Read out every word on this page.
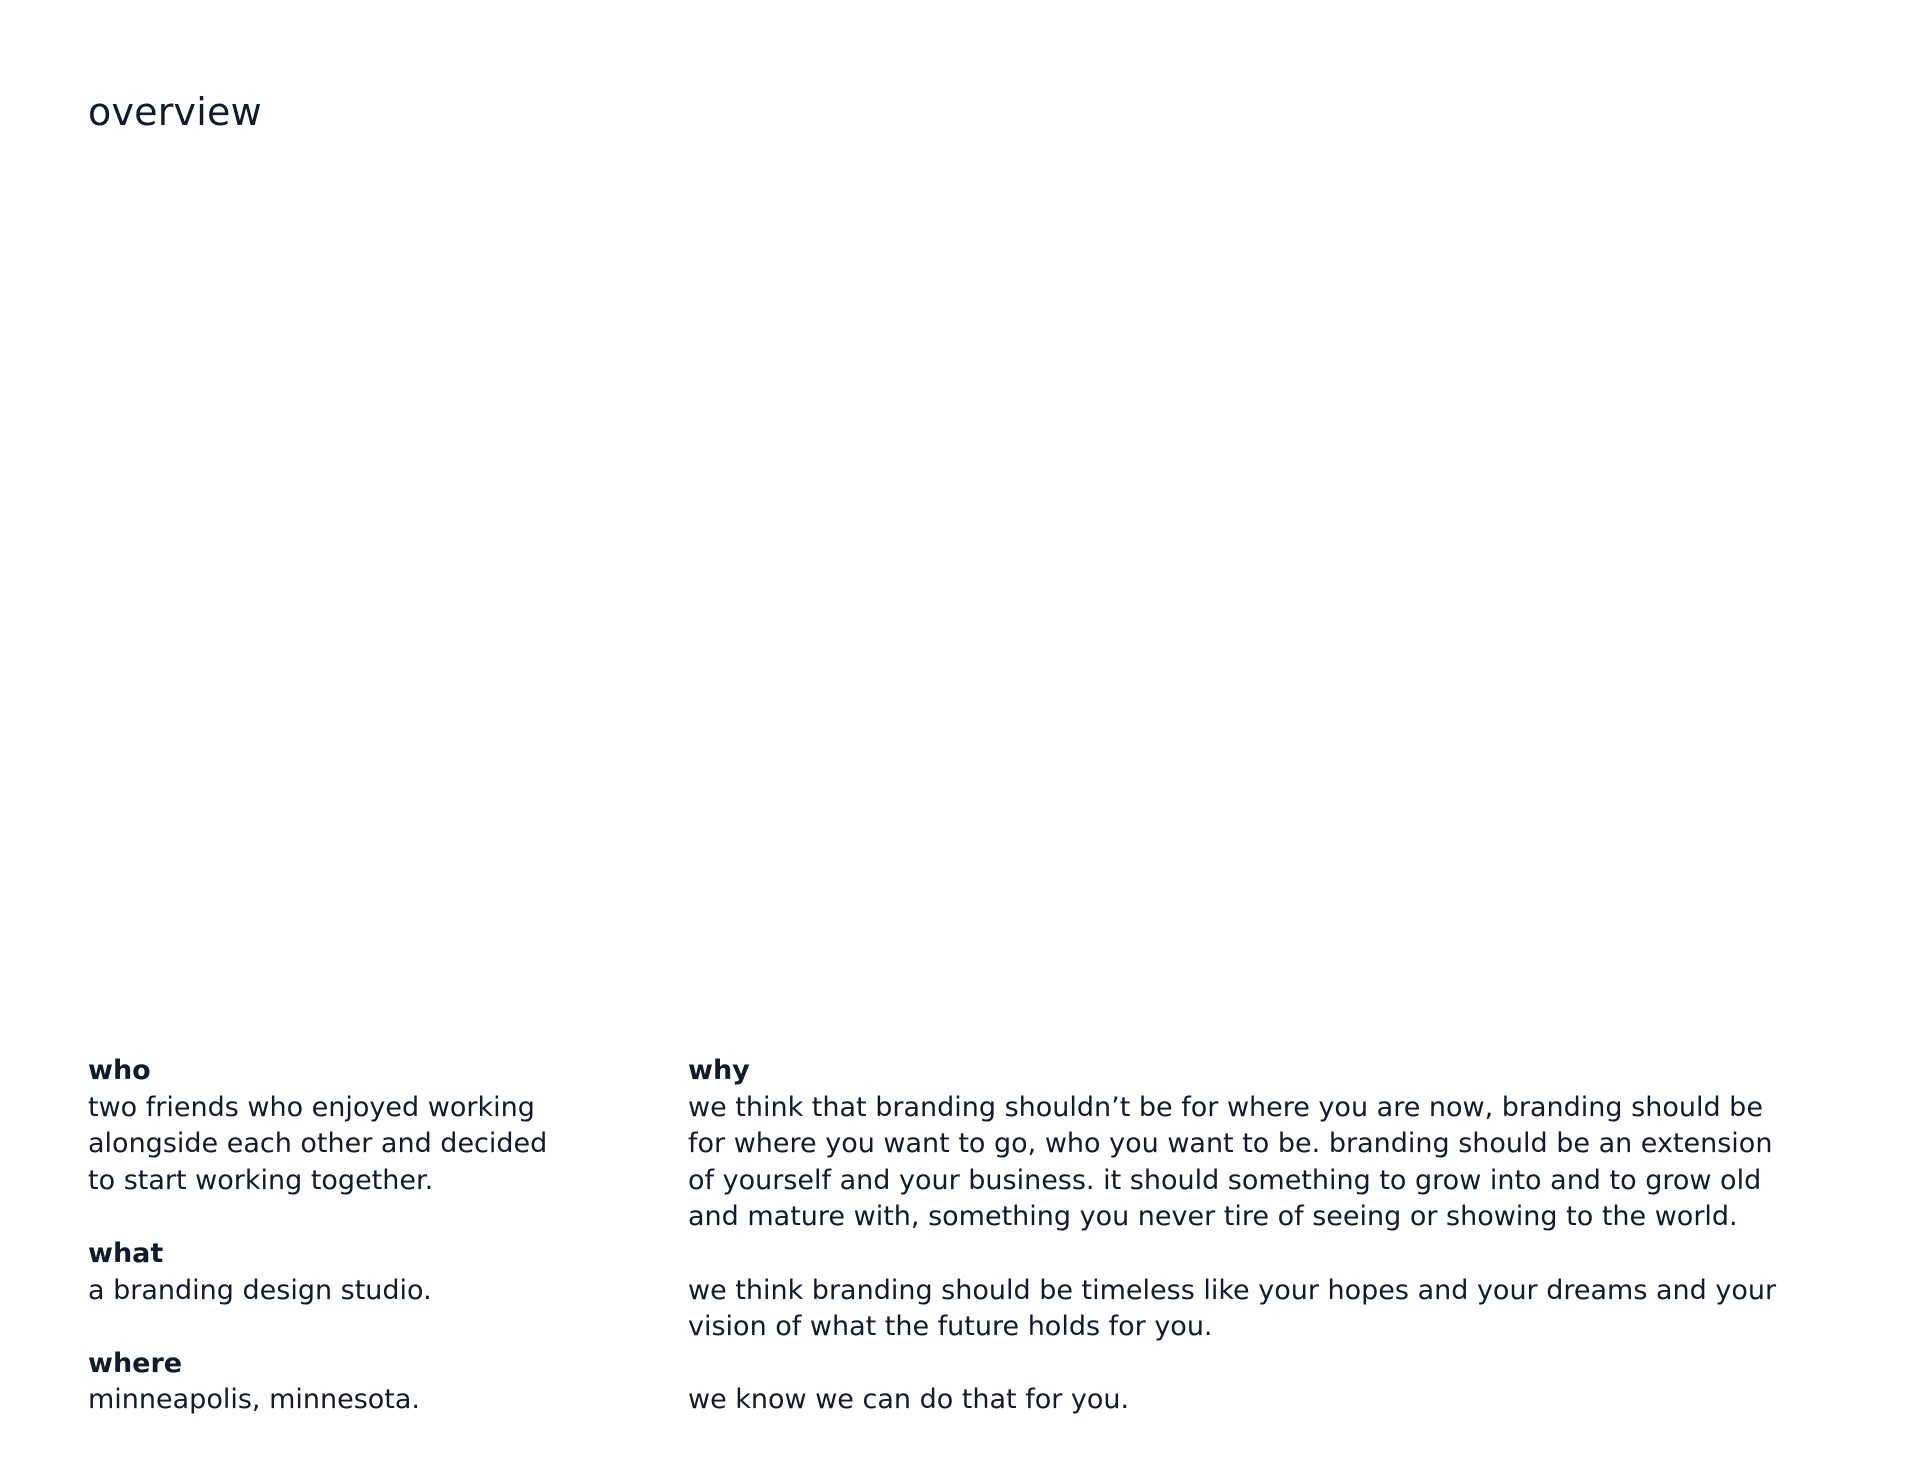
overview
who
two friends who enjoyed working
alongside each other and decided
to start working together.
what
a branding design studio.
where
minneapolis, minnesota.
why
we think that branding shouldn’t be for where you are now, branding should be
for where you want to go, who you want to be. branding should be an extension
of yourself and your business. it should something to grow into and to grow old
and mature with, something you never tire of seeing or showing to the world.
we think branding should be timeless like your hopes and your dreams and your
vision of what the future holds for you.
we know we can do that for you.
